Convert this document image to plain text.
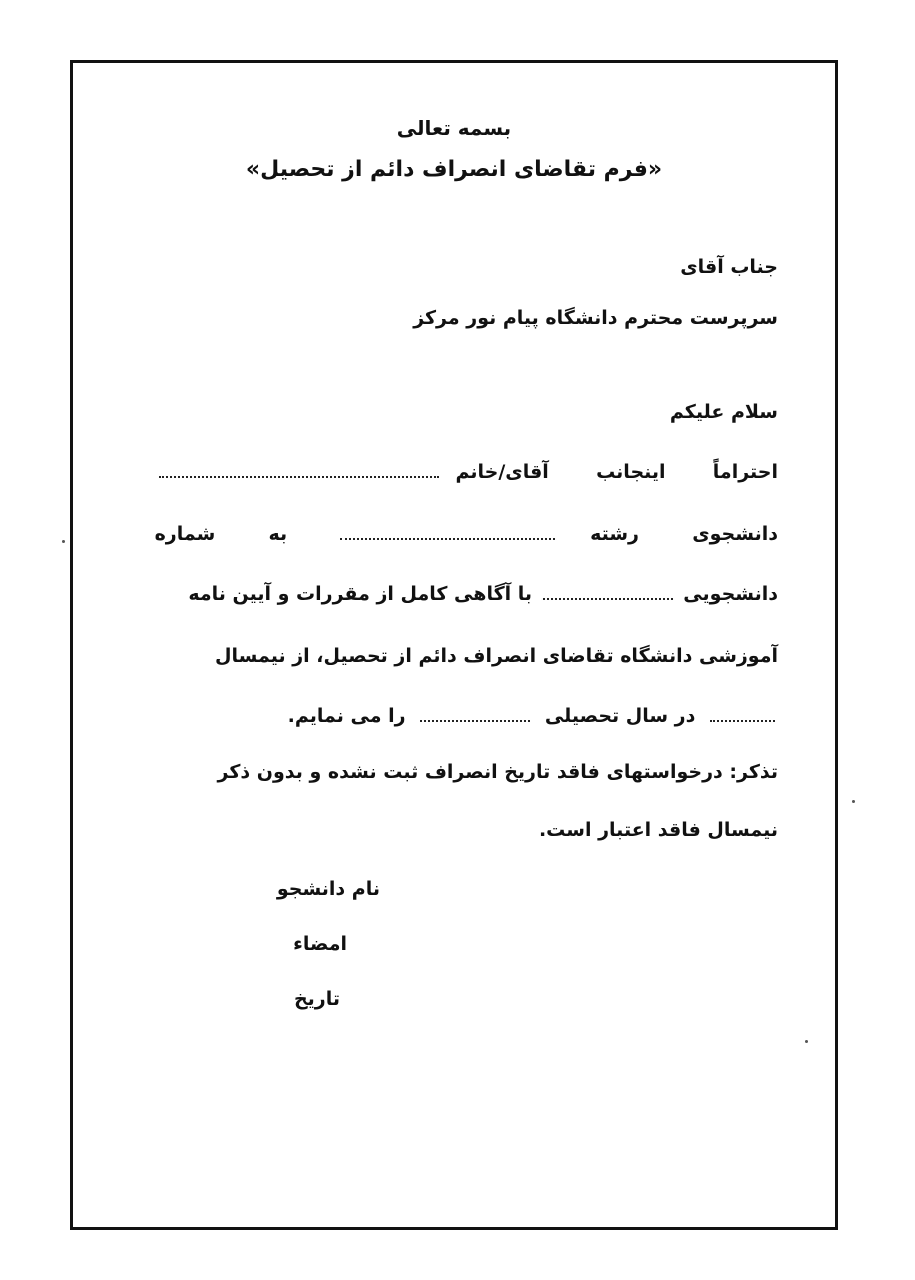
بسمه تعالی
«فرم تقاضای انصراف دائم از تحصیل»
جناب آقای
سرپرست محترم دانشگاه پیام نور مرکز
سلام علیکم
احتراماً  اینجانب  آقای/خانم
دانشجوی  رشته   به  شماره
دانشجویی  با آگاهی کامل از مقررات و آیین نامه
آموزشی دانشگاه تقاضای انصراف دائم از تحصیل، از نیمسال
در سال تحصیلی  را می نمایم.
تذکر: درخواستهای فاقد تاریخ انصراف ثبت نشده و بدون ذکر
نیمسال فاقد اعتبار است.
نام دانشجو
امضاء
تاریخ
